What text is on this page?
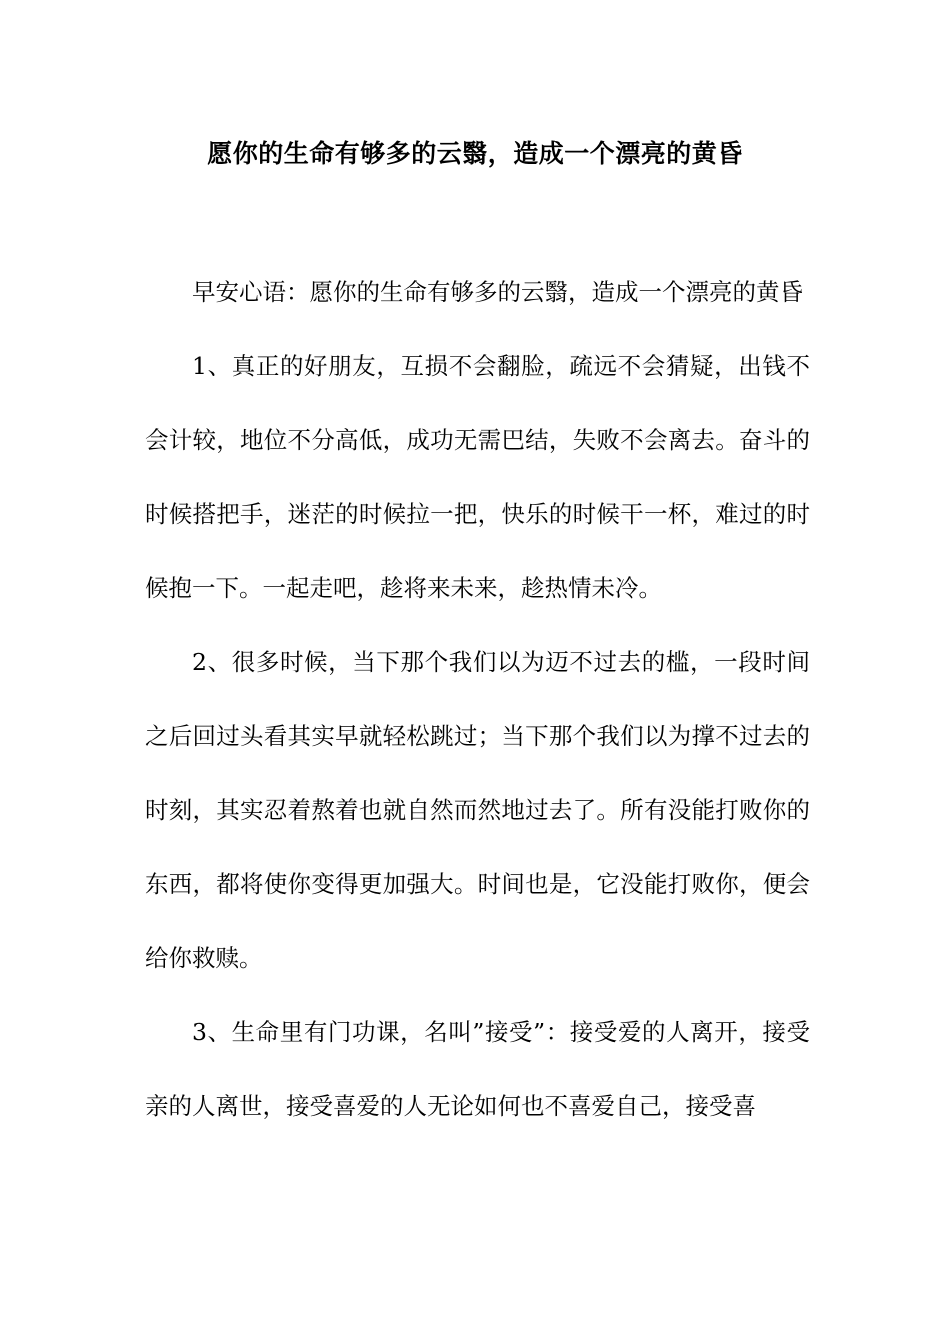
愿你的生命有够多的云翳，造成一个漂亮的黄昏

早安心语：愿你的生命有够多的云翳，造成一个漂亮的黄昏

1、真正的好朋友，互损不会翻脸，疏远不会猜疑，出钱不会计较，地位不分高低，成功无需巴结，失败不会离去。奋斗的时候搭把手，迷茫的时候拉一把，快乐的时候干一杯，难过的时候抱一下。一起走吧，趁将来未来，趁热情未冷。

2、很多时候，当下那个我们以为迈不过去的槛，一段时间之后回过头看其实早就轻松跳过；当下那个我们以为撑不过去的时刻，其实忍着熬着也就自然而然地过去了。所有没能打败你的东西，都将使你变得更加强大。时间也是，它没能打败你，便会给你救赎。

3、生命里有门功课，名叫”接受”：接受爱的人离开，接受亲的人离世，接受喜爱的人无论如何也不喜爱自己，接受喜
